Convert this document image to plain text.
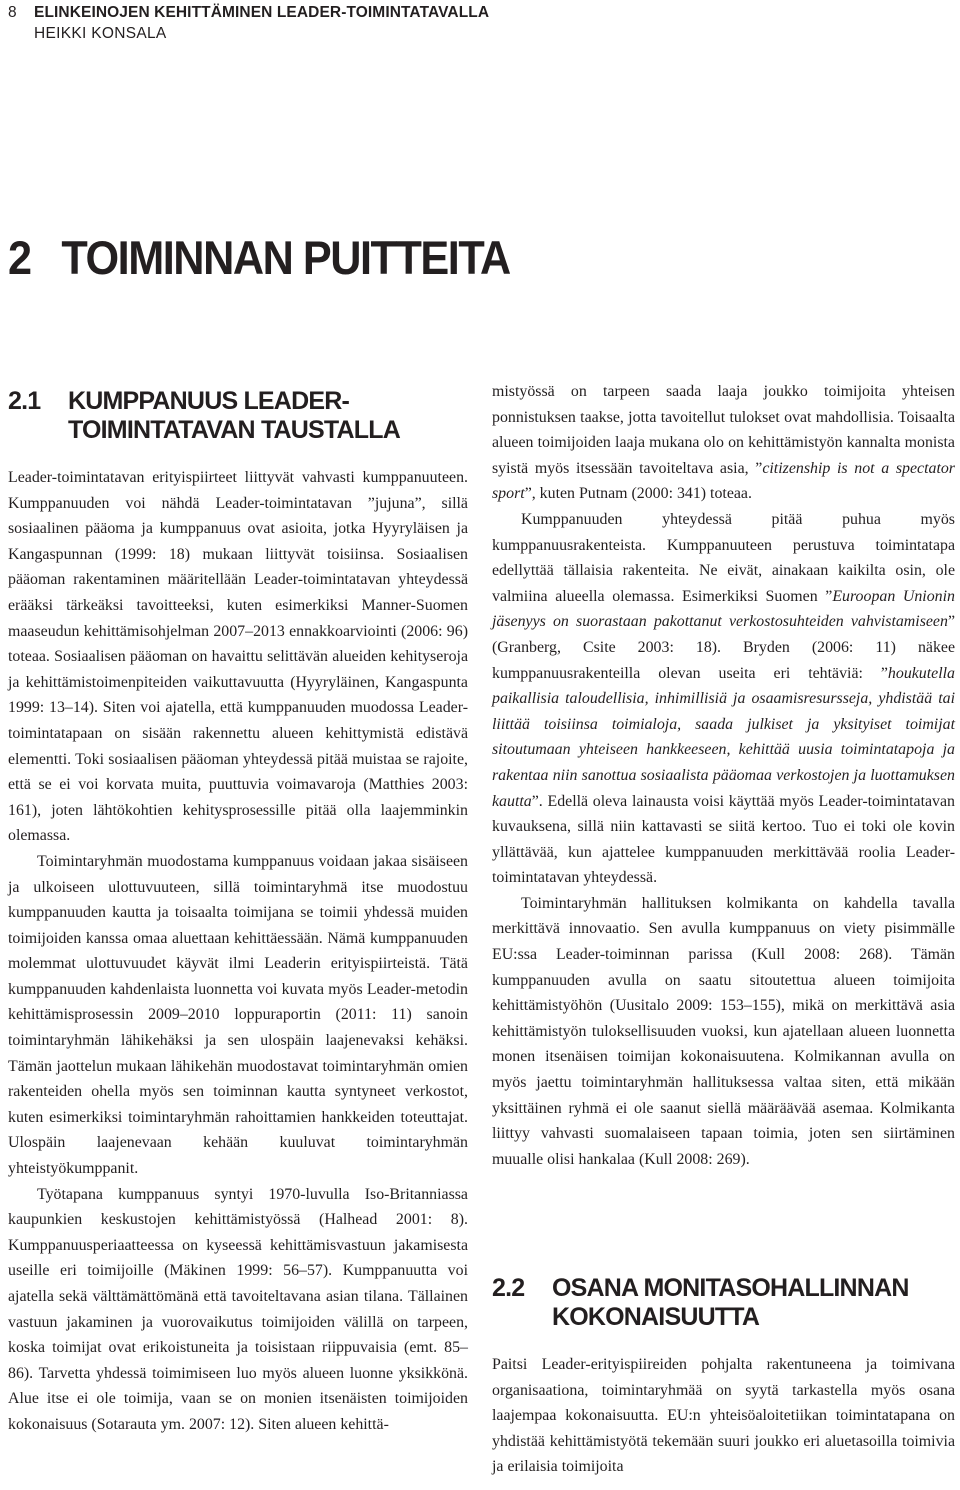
8 ELINKEINOJEN KEHITTÄMINEN LEADER-TOIMINTATAVALLA
HEIKKI KONSALA
2 TOIMINNAN PUITTEITA
2.1	KUMPPANUUS LEADER-TOIMINTATAVAN TAUSTALLA

Leader-toimintatavan erityispiirteet liittyvät vahvasti kumppanuuteen. Kumppanuuden voi nähdä Leader-toimintatavan ”jujuna”, sillä sosiaalinen pääoma ja kumppanuus ovat asioita, jotka Hyyryläisen ja Kangaspunnan (1999: 18) mukaan liittyvät toisiinsa. Sosiaalisen pääoman rakentaminen määritellään Leader-toimintatavan yhteydessä erääksi tärkeäksi tavoitteeksi, kuten esimerkiksi Manner-Suomen maaseudun kehittämisohjelman 2007–2013 ennakkoarviointi (2006: 96) toteaa. Sosiaalisen pääoman on havaittu selittävän alueiden kehityseroja ja kehittämistoimenpiteiden vaikuttavuutta (Hyyryläinen, Kangaspunta 1999: 13–14). Siten voi ajatella, että kumppanuuden muodossa Leader-toimintatapaan on sisään rakennettu alueen kehittymistä edistävä elementti. Toki sosiaalisen pääoman yhteydessä pitää muistaa se rajoite, että se ei voi korvata muita, puuttuvia voimavaroja (Matthies 2003: 161), joten lähtökohtien kehitysprosessille pitää olla laajemminkin olemassa.

Toimintaryhmän muodostama kumppanuus voidaan jakaa sisäiseen ja ulkoiseen ulottuvuuteen, sillä toimintaryhmä itse muodostuu kumppanuuden kautta ja toisaalta toimijana se toimii yhdessä muiden toimijoiden kanssa omaa aluettaan kehittäessään. Nämä kumppanuuden molemmat ulottuvuudet käyvät ilmi Leaderin erityispiirteistä. Tätä kumppanuuden kahdenlaista luonnetta voi kuvata myös Leader-metodin kehittämisprosessin 2009–2010 loppuraportin (2011: 11) sanoin toimintaryhmän lähikehäksi ja sen ulospäin laajenevaksi kehäksi. Tämän jaottelun mukaan lähikehän muodostavat toimintaryhmän omien rakenteiden ohella myös sen toiminnan kautta syntyneet verkostot, kuten esimerkiksi toimintaryhmän rahoittamien hankkeiden toteuttajat. Ulospäin laajenevaan kehään kuuluvat toimintaryhmän yhteistyökumppanit.

Työtapana kumppanuus syntyi 1970-luvulla Iso-Britanniassa kaupunkien keskustojen kehittämistyössä (Halhead 2001: 8). Kumppanuusperiaatteessa on kyseessä kehittämisvastuun jakamisesta useille eri toimijoille (Mäkinen 1999: 56–57). Kumppanuutta voi ajatella sekä välttämättömänä että tavoiteltavana asian tilana. Tällainen vastuun jakaminen ja vuorovaikutus toimijoiden välillä on tarpeen, koska toimijat ovat erikoistuneita ja toisistaan riippuvaisia (emt. 85–86). Tarvetta yhdessä toimimiseen luo myös alueen luonne yksikkönä. Alue itse ei ole toimija, vaan se on monien itsenäisten toimijoiden kokonaisuus (Sotarauta ym. 2007: 12). Siten alueen kehittä-

mistyössä on tarpeen saada laaja joukko toimijoita yhteisen ponnistuksen taakse, jotta tavoitellut tulokset ovat mahdollisia. Toisaalta alueen toimijoiden laaja mukana olo on kehittämistyön kannalta monista syistä myös itsessään tavoiteltava asia, ”citizenship is not a spectator sport”, kuten Putnam (2000: 341) toteaa.

Kumppanuuden yhteydessä pitää puhua myös kumppanuusrakenteista. Kumppanuuteen perustuva toimintatapa edellyttää tällaisia rakenteita. Ne eivät, ainakaan kaikilta osin, ole valmiina alueella olemassa. Esimerkiksi Suomen ”Euroopan Unionin jäsenyys on suorastaan pakottanut verkostosuhteiden vahvistamiseen” (Granberg, Csite 2003: 18). Bryden (2006: 11) näkee kumppanuusrakenteilla olevan useita eri tehtäviä: ”houkutella paikallisia taloudellisia, inhimillisiä ja osaamisresursseja, yhdistää tai liittää toisiinsa toimialoja, saada julkiset ja yksityiset toimijat sitoutumaan yhteiseen hankkeeseen, kehittää uusia toimintatapoja ja rakentaa niin sanottua sosiaalista pääomaa verkostojen ja luottamuksen kautta”. Edellä oleva lainausta voisi käyttää myös Leader-toimintatavan kuvauksena, sillä niin kattavasti se siitä kertoo. Tuo ei toki ole kovin yllättävää, kun ajattelee kumppanuuden merkittävää roolia Leader-toimintatavan yhteydessä.

Toimintaryhmän hallituksen kolmikanta on kahdella tavalla merkittävä innovaatio. Sen avulla kumppanuus on viety pisimmälle EU:ssa Leader-toiminnan parissa (Kull 2008: 268). Tämän kumppanuuden avulla on saatu sitoutettua alueen toimijoita kehittämistyöhön (Uusitalo 2009: 153–155), mikä on merkittävä asia kehittämistyön tuloksellisuuden vuoksi, kun ajatellaan alueen luonnetta monen itsenäisen toimijan kokonaisuutena. Kolmikannan avulla on myös jaettu toimintaryhmän hallituksessa valtaa siten, että mikään yksittäinen ryhmä ei ole saanut siellä määräävää asemaa. Kolmikanta liittyy vahvasti suomalaiseen tapaan toimia, joten sen siirtäminen muualle olisi hankalaa (Kull 2008: 269).

2.2	OSANA MONITASOHALLINNAN KOKONAISUUTTA

Paitsi Leader-erityispiireiden pohjalta rakentuneena ja toimivana organisaationa, toimintaryhmää on syytä tarkastella myös osana laajempaa kokonaisuutta. EU:n yhteisöaloitetiikan toimintatapana on yhdistää kehittämistyötä tekemään suuri joukko eri aluetasoilla toimivia ja erilaisia toimijoita
